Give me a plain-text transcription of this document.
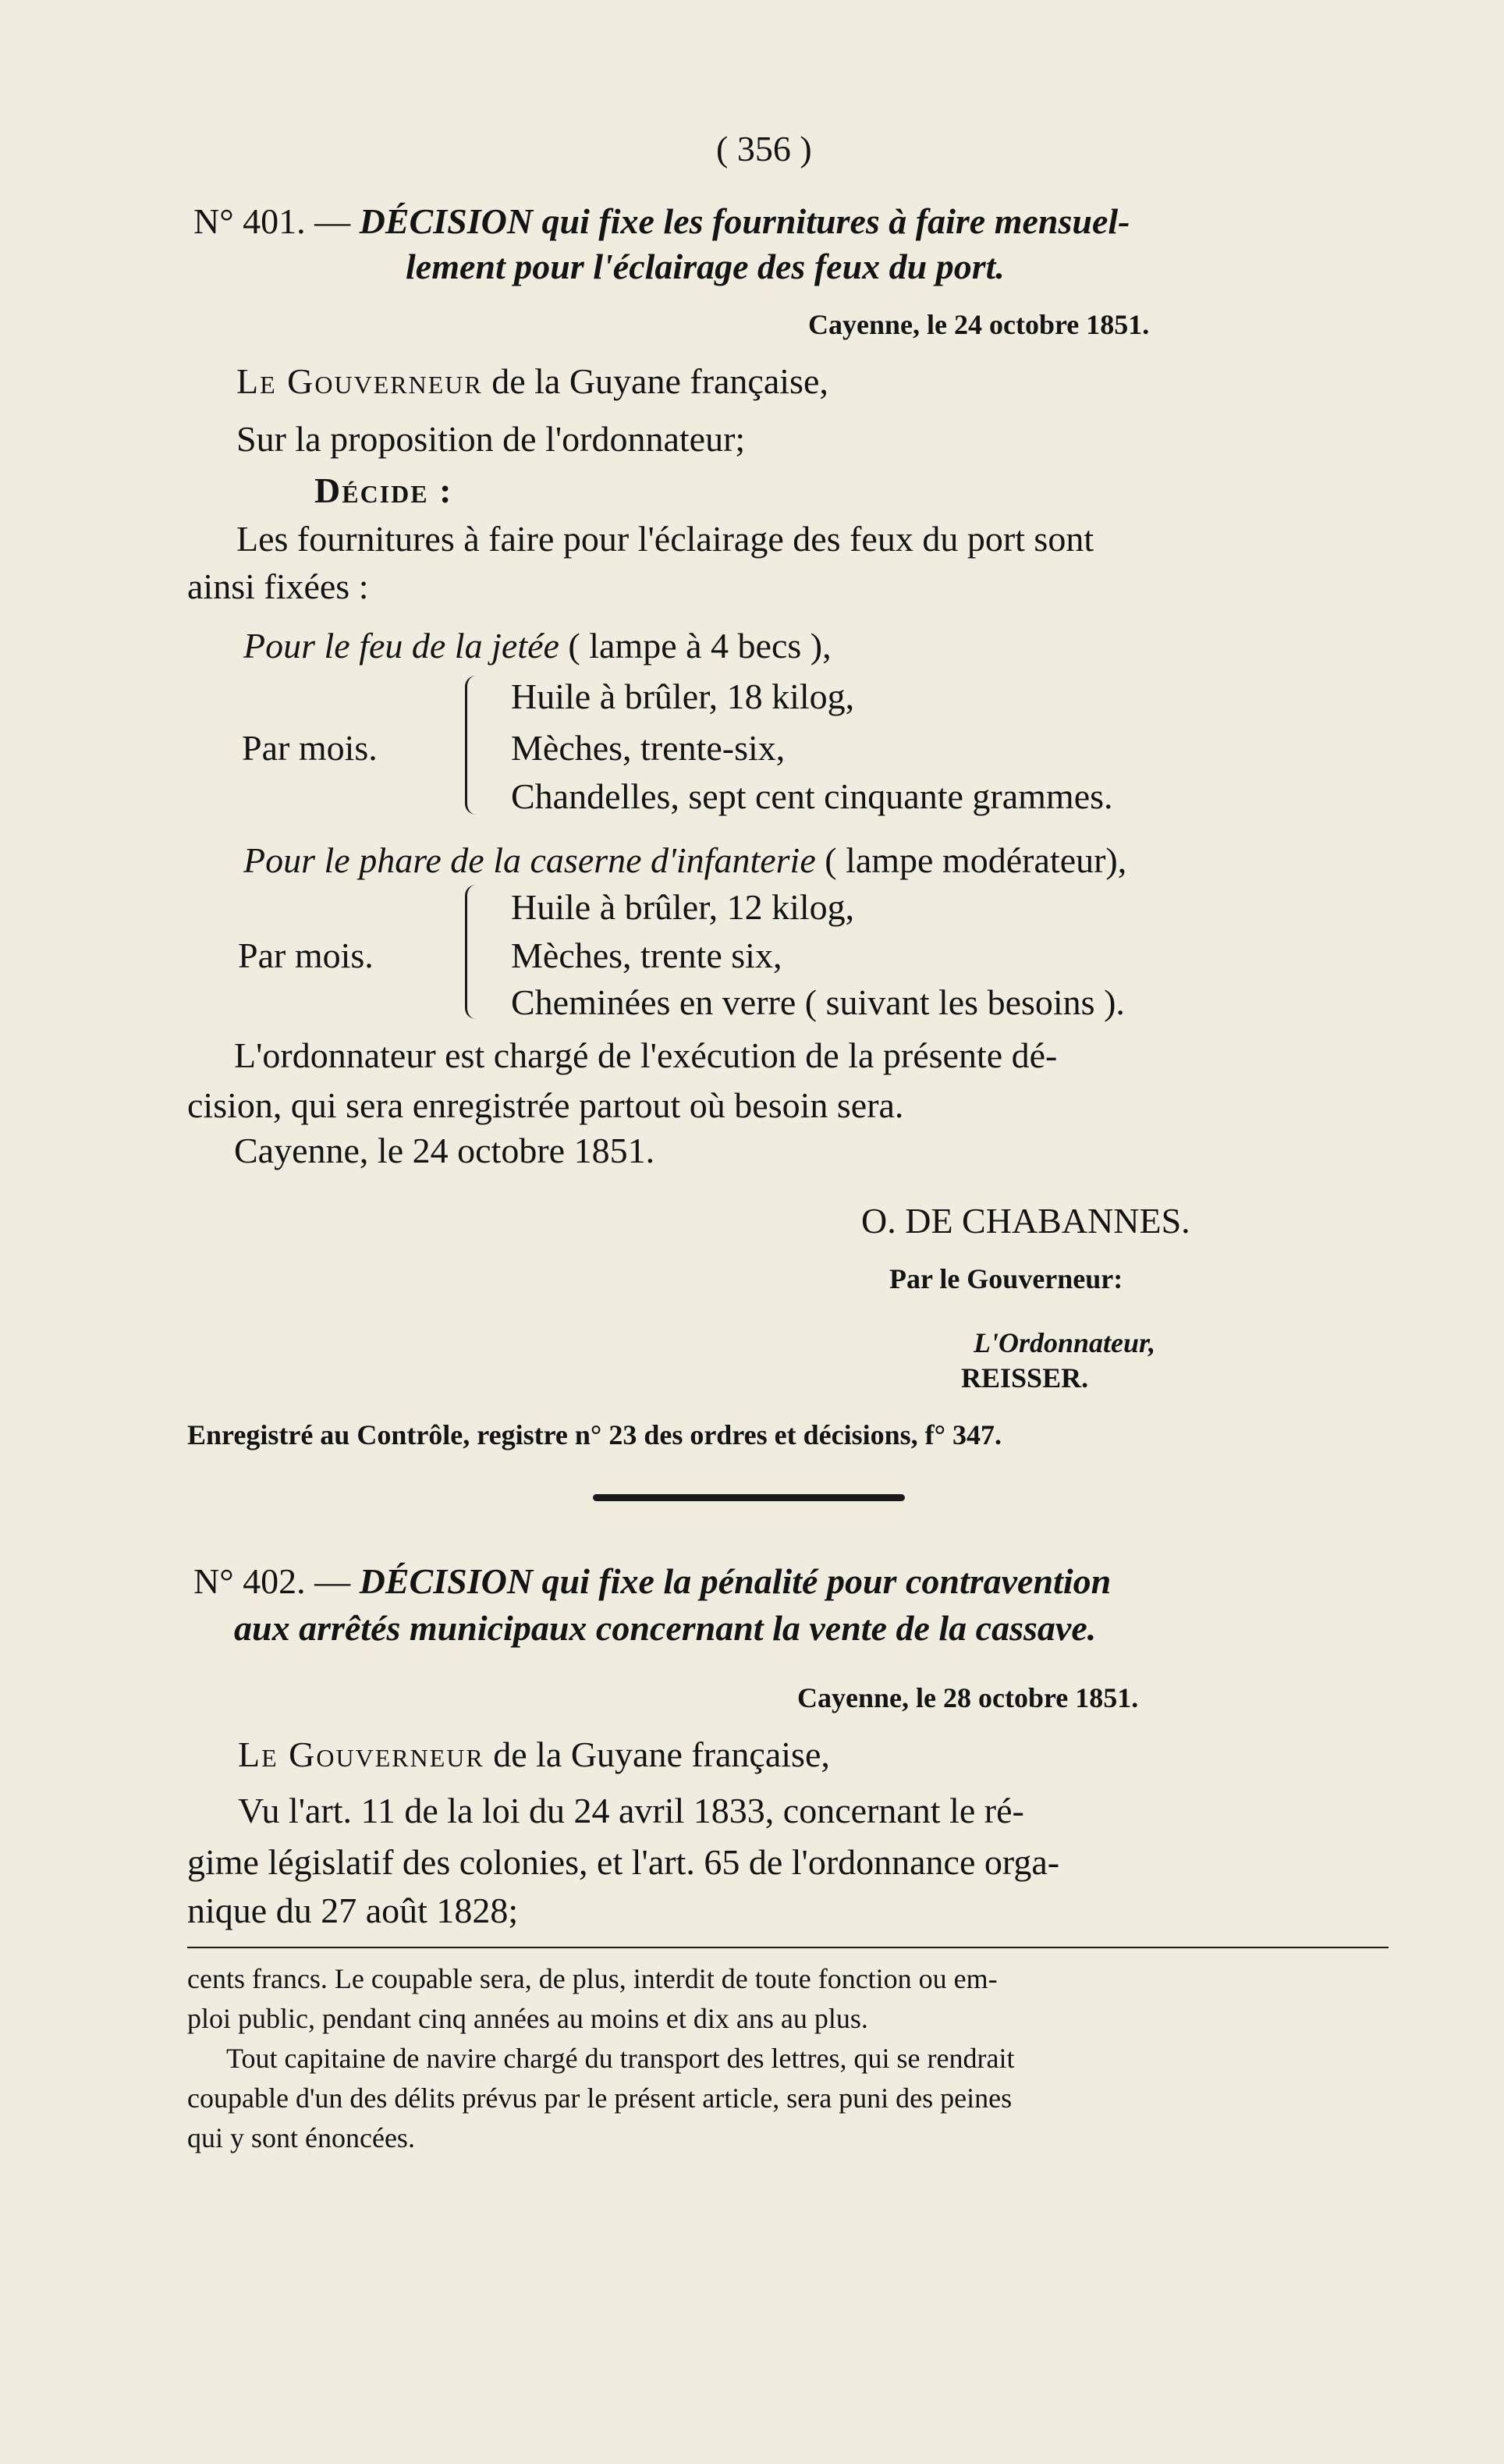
( 356 )
N° 401. — DÉCISION qui fixe les fournitures à faire mensuel-
lement pour l'éclairage des feux du port.
Cayenne, le 24 octobre 1851.
Le Gouverneur de la Guyane française,
Sur la proposition de l'ordonnateur;
Décide :
Les fournitures à faire pour l'éclairage des feux du port sont
ainsi fixées :
Pour le feu de la jetée ( lampe à 4 becs ),
Par mois.
Huile à brûler, 18 kilog,
Mèches, trente-six,
Chandelles, sept cent cinquante grammes.
Pour le phare de la caserne d'infanterie ( lampe modérateur),
Par mois.
Huile à brûler, 12 kilog,
Mèches, trente six,
Cheminées en verre ( suivant les besoins ).
L'ordonnateur est chargé de l'exécution de la présente dé-
cision, qui sera enregistrée partout où besoin sera.
Cayenne, le 24 octobre 1851.
O. DE CHABANNES.
Par le Gouverneur:
L'Ordonnateur,
REISSER.
Enregistré au Contrôle, registre n° 23 des ordres et décisions, f° 347.
N° 402. — DÉCISION qui fixe la pénalité pour contravention
aux arrêtés municipaux concernant la vente de la cassave.
Cayenne, le 28 octobre 1851.
Le Gouverneur de la Guyane française,
Vu l'art. 11 de la loi du 24 avril 1833, concernant le ré-
gime législatif des colonies, et l'art. 65 de l'ordonnance orga-
nique du 27 août 1828;
cents francs. Le coupable sera, de plus, interdit de toute fonction ou em-
ploi public, pendant cinq années au moins et dix ans au plus.
Tout capitaine de navire chargé du transport des lettres, qui se rendrait
coupable d'un des délits prévus par le présent article, sera puni des peines
qui y sont énoncées.
